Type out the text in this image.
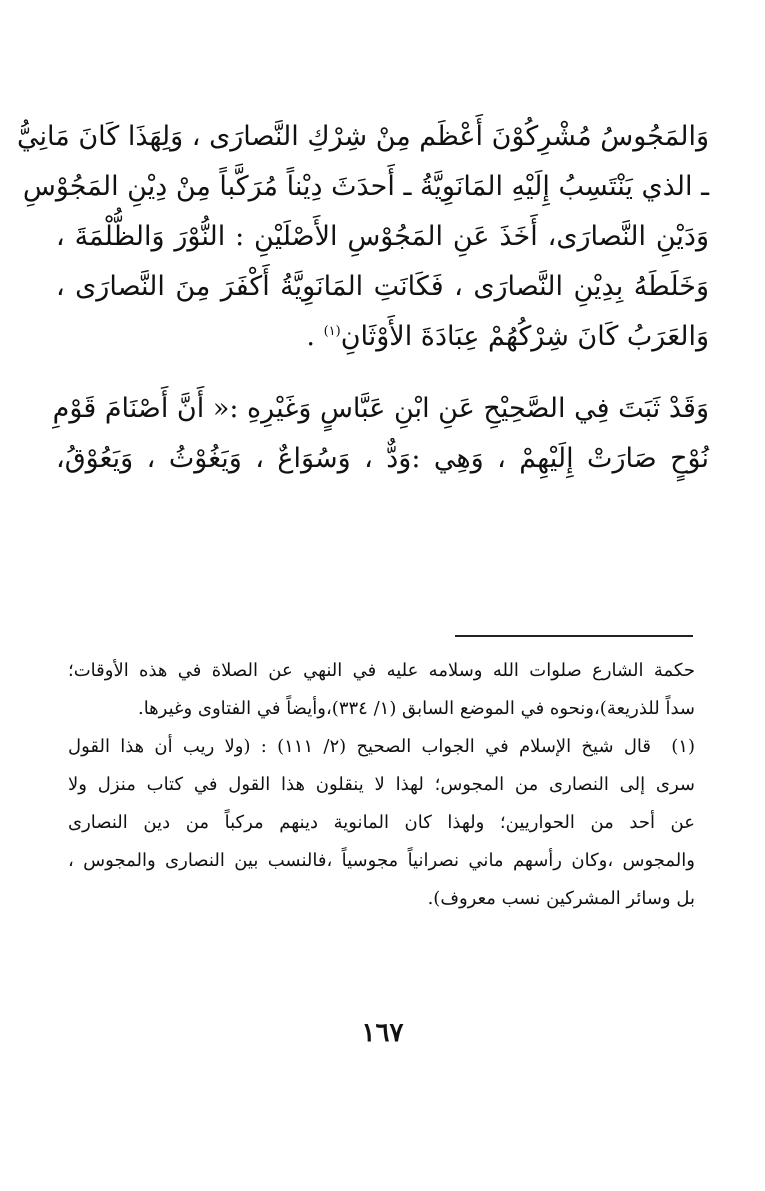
وَالمَجُوسُ مُشْرِكُوْنَ أَعْظَم مِنْ شِرْكِ النَّصارَى ، وَلِهَذَا كَانَ مَانِيُّ
ـ الذي يَنْتَسِبُ إِلَيْهِ المَانَوِيَّةُ ـ أَحدَثَ دِيْناً مُرَكَّباً مِنْ دِيْنِ المَجُوْسِ
وَدَيْنِ النَّصارَى، أَخَذَ عَنِ المَجُوْسِ الأَصْلَيْنِ : النُّوْرَ وَالظُّلْمَةَ ،
وَخَلَطَهُ بِدِيْنِ النَّصارَى ، فَكَانَتِ المَانَوِيَّةُ أَكْفَرَ مِنَ النَّصارَى ،
وَالعَرَبُ كَانَ شِرْكُهُمْ عِبَادَةَ الأَوْثَانِ$^{(١)}$ .
وَقَدْ ثَبَتَ فِي الصَّحِيْحِ عَنِ ابْنِ عَبَّاسٍ وَغَيْرِهِ :« أَنَّ أَصْنَامَ قَوْمِ
نُوْحٍ صَارَتْ إِلَيْهِمْ ، وَهِي :وَدٌّ ، وَسُوَاعٌ ، وَيَغُوْثُ ، وَيَعُوْقُ،
حكمة الشارع صلوات الله وسلامه عليه في النهي عن الصلاة في هذه الأوقات؛
سداً للذريعة)،ونحوه في الموضع السابق (١/ ٣٣٤)،وأيضاً في الفتاوى وغيرها.
(١)
قال شيخ الإسلام في الجواب الصحيح (٢/ ١١١) : (ولا ريب أن هذا القول
سرى إلى النصارى من المجوس؛ لهذا لا ينقلون هذا القول في كتاب منزل ولا
عن أحد من الحواريين؛ ولهذا كان المانوية دينهم مركباً من دين النصارى
والمجوس ،وكان رأسهم ماني نصرانياً مجوسياً ،فالنسب بين النصارى والمجوس ،
بل وسائر المشركين نسب معروف).
١٦٧
